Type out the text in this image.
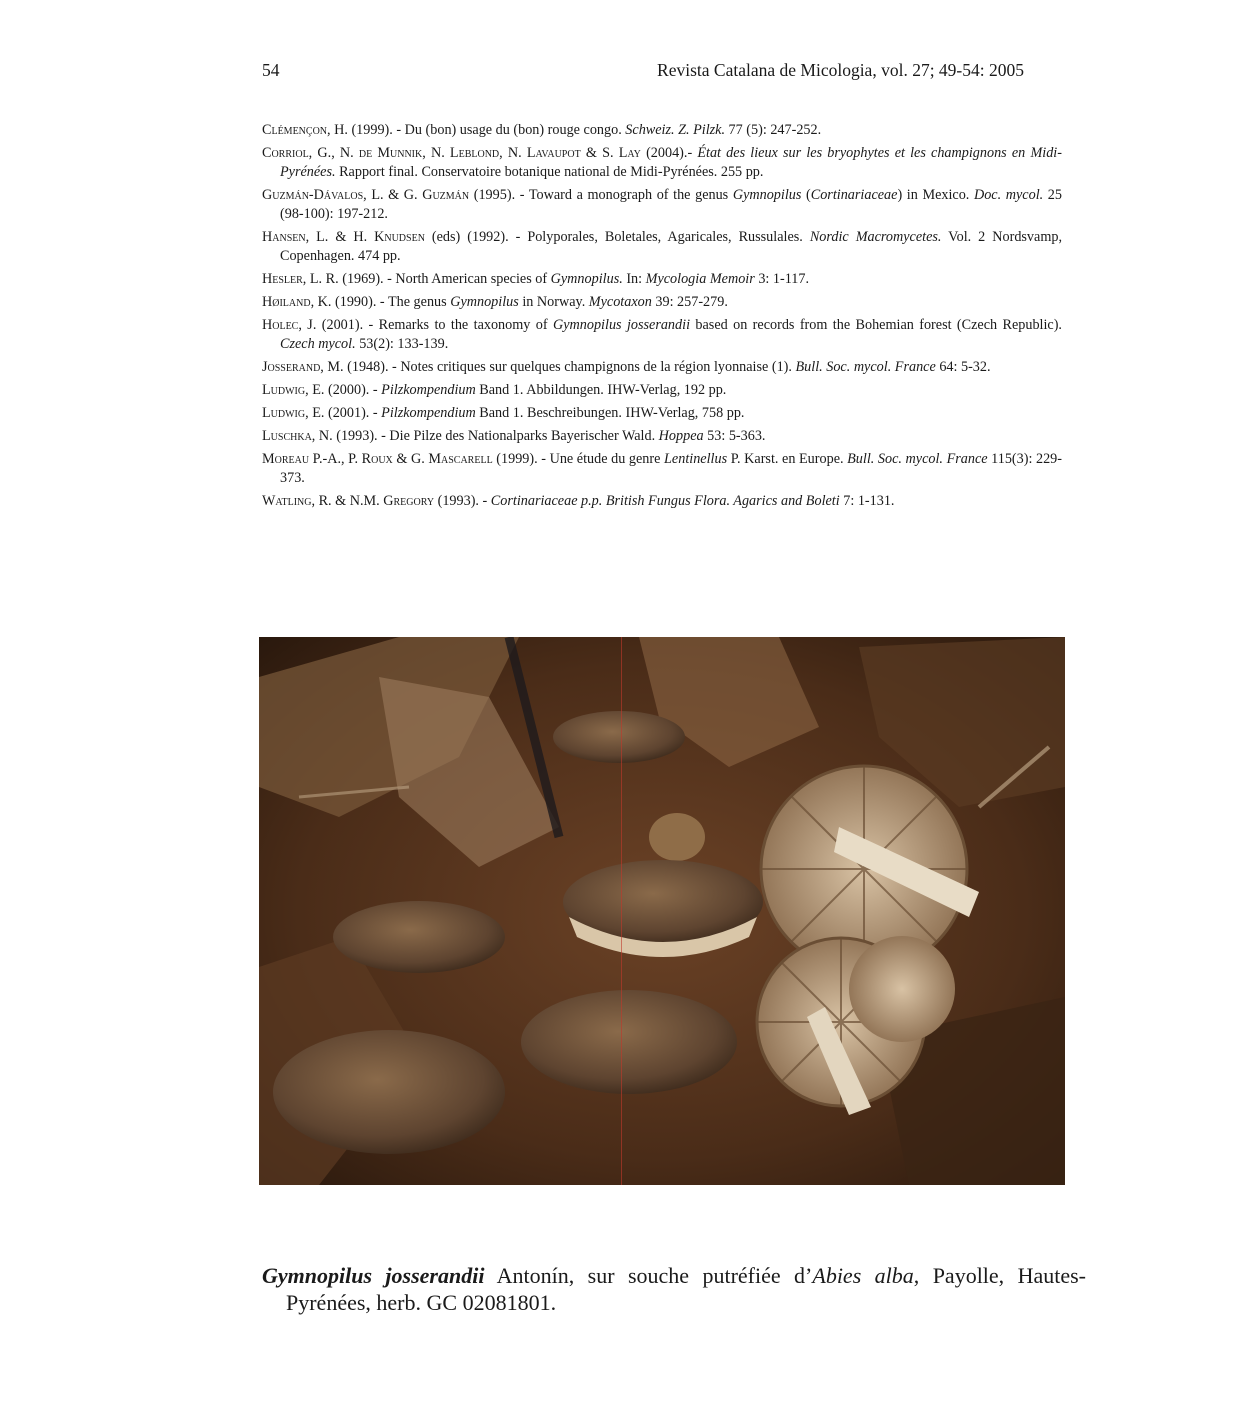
54	Revista Catalana de Micologia, vol. 27; 49-54: 2005

Clémençon, H. (1999). - Du (bon) usage du (bon) rouge congo. Schweiz. Z. Pilzk. 77 (5): 247-252.

Corriol, G., N. de Munnik, N. Leblond, N. Lavaupot & S. Lay (2004).- État des lieux sur les bryophytes et les champignons en Midi-Pyrénées. Rapport final. Conservatoire botanique national de Midi-Pyrénées. 255 pp.

Guzmán-Dávalos, L. & G. Guzmán (1995). - Toward a monograph of the genus Gymnopilus (Cortinariaceae) in Mexico. Doc. mycol. 25 (98-100): 197-212.

Hansen, L. & H. Knudsen (eds) (1992). - Polyporales, Boletales, Agaricales, Russulales. Nordic Macromycetes. Vol. 2 Nordsvamp, Copenhagen. 474 pp.

Hesler, L. R. (1969). - North American species of Gymnopilus. In: Mycologia Memoir 3: 1-117.

Høiland, K. (1990). - The genus Gymnopilus in Norway. Mycotaxon 39: 257-279.

Holec, J. (2001). - Remarks to the taxonomy of Gymnopilus josserandii based on records from the Bohemian forest (Czech Republic). Czech mycol. 53(2): 133-139.

Josserand, M. (1948). - Notes critiques sur quelques champignons de la région lyonnaise (1). Bull. Soc. mycol. France 64: 5-32.

Ludwig, E. (2000). - Pilzkompendium Band 1. Abbildungen. IHW-Verlag, 192 pp.

Ludwig, E. (2001). - Pilzkompendium Band 1. Beschreibungen. IHW-Verlag, 758 pp.

Luschka, N. (1993). - Die Pilze des Nationalparks Bayerischer Wald. Hoppea 53: 5-363.

Moreau P.-A., P. Roux & G. Mascarell (1999). - Une étude du genre Lentinellus P. Karst. en Europe. Bull. Soc. mycol. France 115(3): 229-373.

Watling, R. & N.M. Gregory (1993). - Cortinariaceae p.p. British Fungus Flora. Agarics and Boleti 7: 1-131.

Gymnopilus josserandii Antonín, sur souche putréfiée d’Abies alba, Payolle, Hautes-Pyrénées, herb. GC 02081801.
